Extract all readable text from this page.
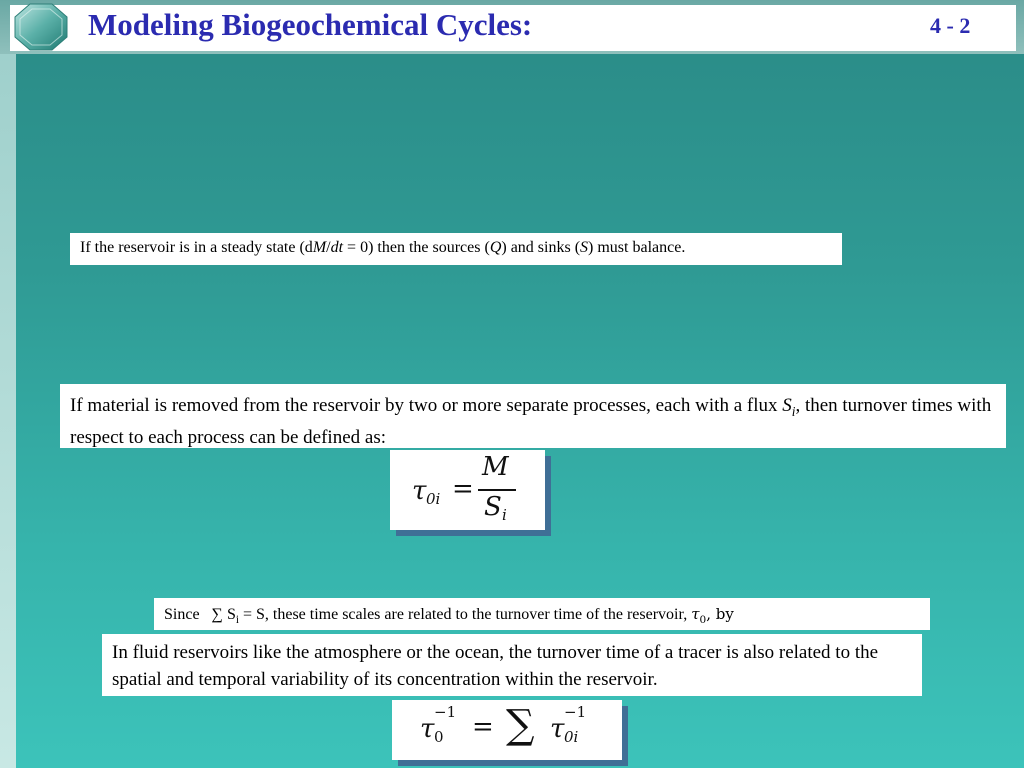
Modeling Biogeochemical Cycles:	4 - 2
If the reservoir is in a steady state (dM/dt = 0) then the sources (Q) and sinks (S) must balance.
If material is removed from the reservoir by two or more separate processes, each with a flux $S_i$, then turnover times with respect to each process can be defined as:
τ 0i =
M
S i
Since ∑ $S_i = S$, these time scales are related to the turnover time of the reservoir, $\tau_0$, by
In fluid reservoirs like the atmosphere or the ocean, the turnover time of a tracer is also related to the spatial and temporal variability of its concentration within the reservoir.
τ
−1
0 = ∑ τ
−1
0i
